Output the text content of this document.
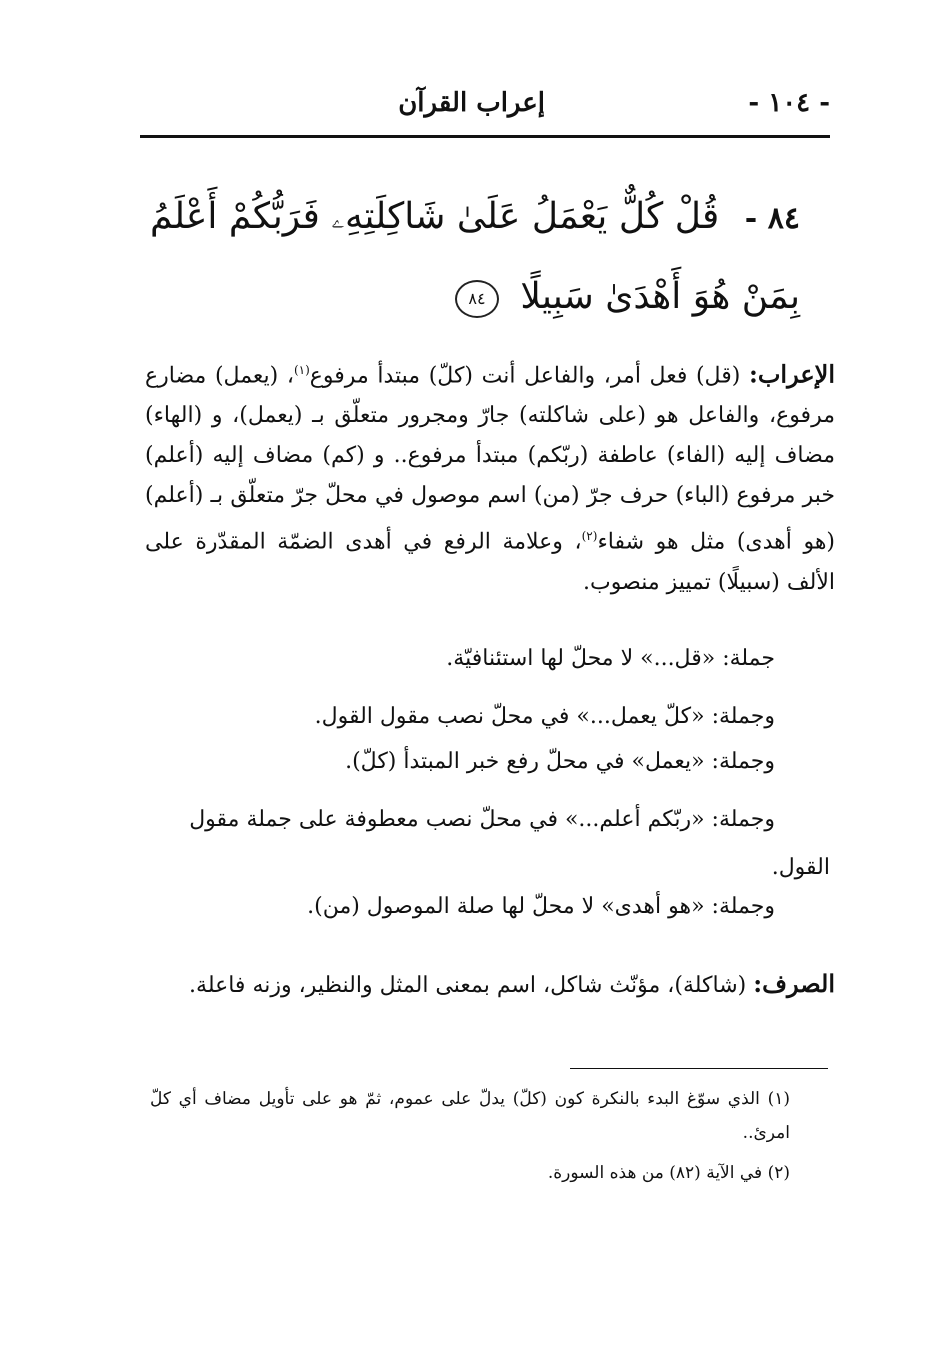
- ١٠٤ -
إعراب القرآن
٨٤ - قُلْ كُلٌّ يَعْمَلُ عَلَىٰ شَاكِلَتِهِۦ فَرَبُّكُمْ أَعْلَمُ بِمَنْ هُوَ أَهْدَىٰ سَبِيلًا ٨٤

الإعراب: (قل) فعل أمر، والفاعل أنت (كلّ) مبتدأ مرفوع$^{(١)}$، (يعمل) مضارع مرفوع، والفاعل هو (على شاكلته) جارّ ومجرور متعلّق بـ (يعمل)، و (الهاء) مضاف إليه (الفاء) عاطفة (ربّكم) مبتدأ مرفوع.. و (كم) مضاف إليه (أعلم) خبر مرفوع (الباء) حرف جرّ (من) اسم موصول في محلّ جرّ متعلّق بـ (أعلم) (هو أهدى) مثل هو شفاء$^{(٢)}$، وعلامة الرفع في أهدى الضمّة المقدّرة على الألف (سبيلًا) تمييز منصوب.

جملة: «قل...» لا محلّ لها استئنافيّة.
وجملة: «كلّ يعمل...» في محلّ نصب مقول القول.
وجملة: «يعمل» في محلّ رفع خبر المبتدأ (كلّ).
وجملة: «ربّكم أعلم...» في محلّ نصب معطوفة على جملة مقول
القول.
وجملة: «هو أهدى» لا محلّ لها صلة الموصول (من).

الصرف: (شاكلة)، مؤنّث شاكل، اسم بمعنى المثل والنظير، وزنه فاعلة.

(١) الذي سوّغ البدء بالنكرة كون (كلّ) يدلّ على عموم، ثمّ هو على تأويل مضاف أي كلّ امرئ..

(٢) في الآية (٨٢) من هذه السورة.
